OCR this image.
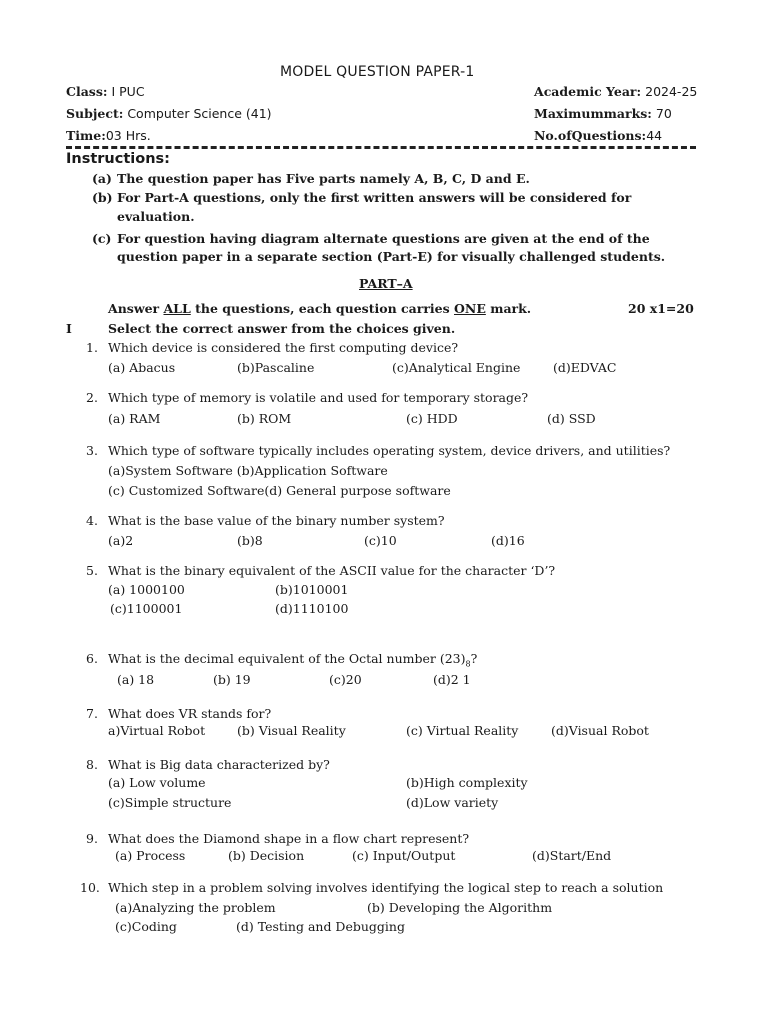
MODEL QUESTION PAPER-1
Class: I PUC
Subject: Computer Science (41)
Time:03 Hrs.
Academic Year: 2024-25
Maximummarks: 70
No.ofQuestions:44
Instructions:
(a) The question paper has Five parts namely A, B, C, D and E.
(b) For Part-A questions, only the first written answers will be considered for
evaluation.
(c) For question having diagram alternate questions are given at the end of the
question paper in a separate section (Part-E) for visually challenged students.
PART–A
Answer ALL the questions, each question carries ONE mark.	20 x1=20
I	Select the correct answer from the choices given.
1. Which device is considered the first computing device?
(a) Abacus	(b)Pascaline	(c)Analytical Engine	(d)EDVAC
2. Which type of memory is volatile and used for temporary storage?
(a) RAM	(b) ROM	(c) HDD	(d) SSD
3. Which type of software typically includes operating system, device drivers, and utilities?
(a)System Software (b)Application Software
(c) Customized Software(d) General purpose software
4. What is the base value of the binary number system?
(a)2	(b)8	(c)10	(d)16
5. What is the binary equivalent of the ASCII value for the character ‘D’?
(a) 1000100	(b)1010001
(c)1100001	(d)1110100
6. What is the decimal equivalent of the Octal number $(23)_8$?
(a) 18	(b) 19	(c)20	(d)2 1
7. What does VR stands for?
a)Virtual Robot	(b) Visual Reality	(c) Virtual Reality	(d)Visual Robot
8. What is Big data characterized by?
(a) Low volume	(b)High complexity
(c)Simple structure	(d)Low variety
9. What does the Diamond shape in a flow chart represent?
(a) Process	(b) Decision	(c) Input/Output	(d)Start/End
10. Which step in a problem solving involves identifying the logical step to reach a solution
(a)Analyzing the problem	(b) Developing the Algorithm
(c)Coding	(d) Testing and Debugging
